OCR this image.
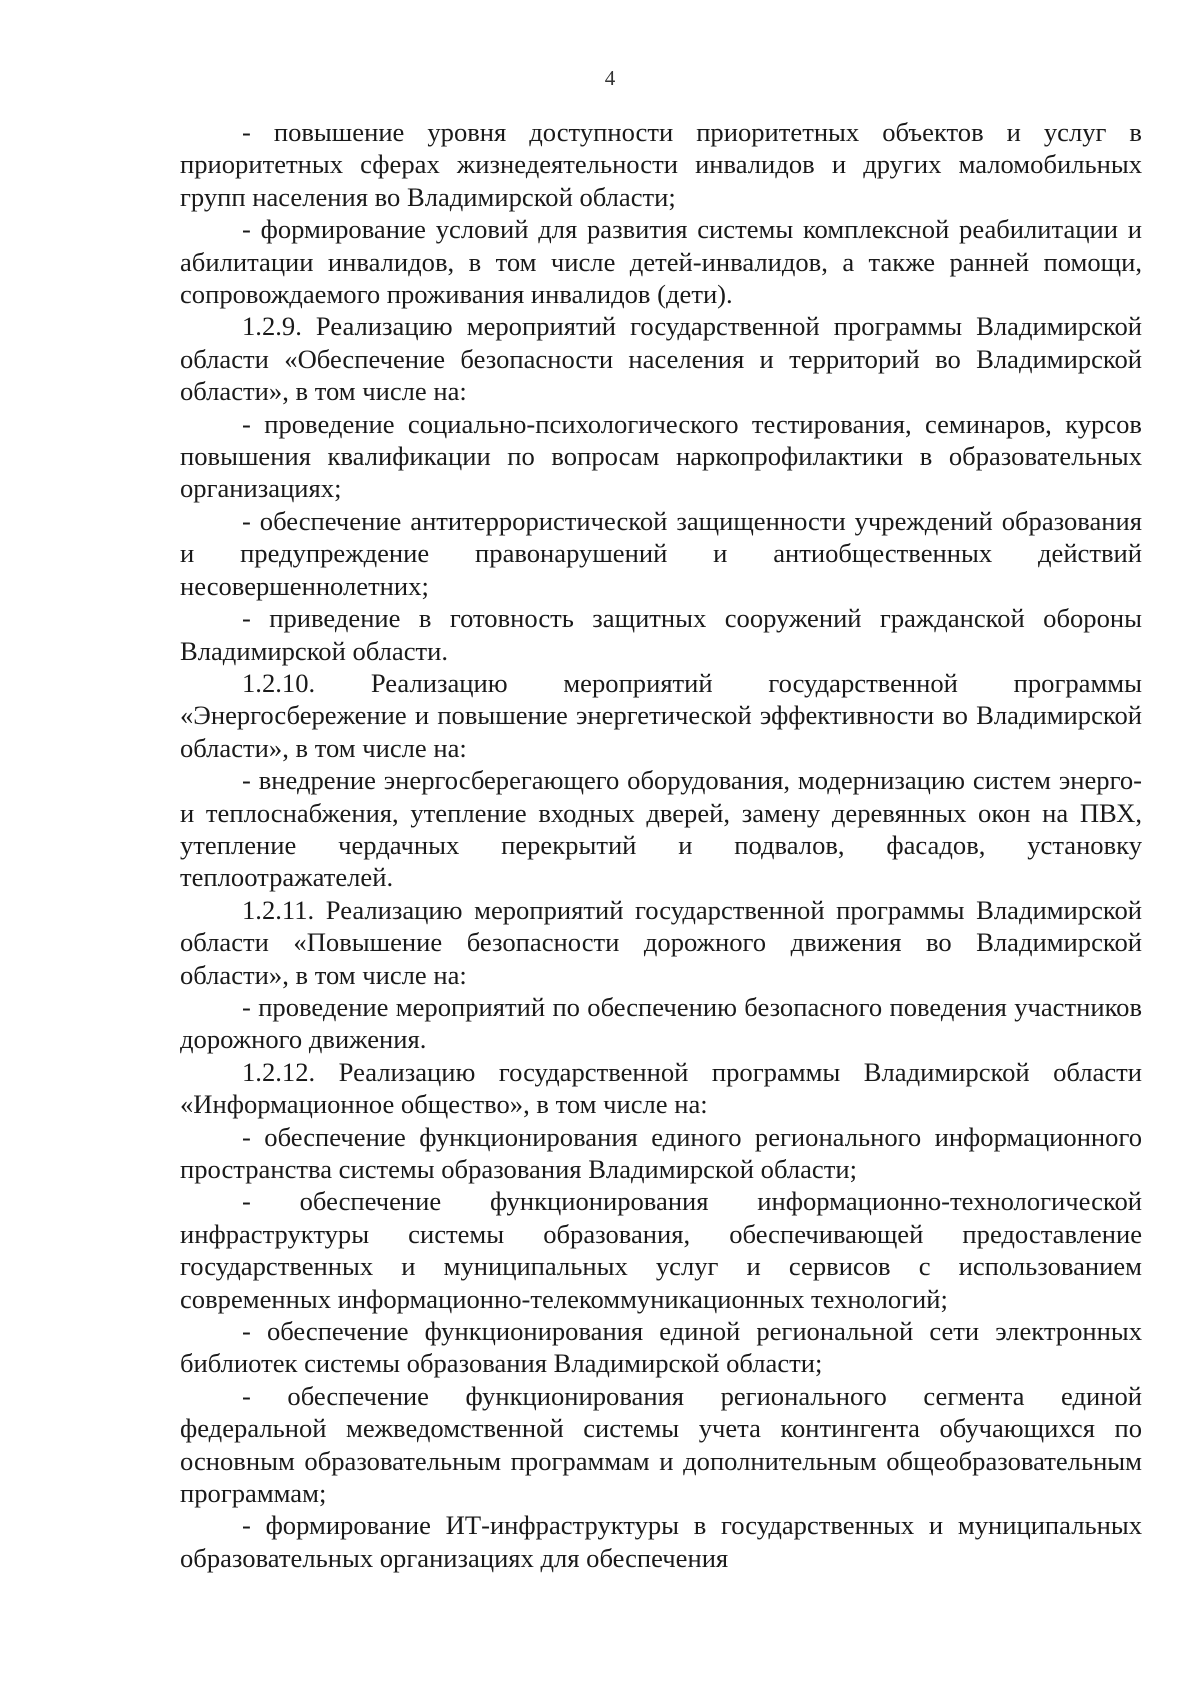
4

- повышение уровня доступности приоритетных объектов и услуг в приоритетных сферах жизнедеятельности инвалидов и других маломобильных групп населения во Владимирской области;

- формирование условий для развития системы комплексной реабилитации и абилитации инвалидов, в том числе детей-инвалидов, а также ранней помощи, сопровождаемого проживания инвалидов (дети).

1.2.9. Реализацию мероприятий государственной программы Владимирской области «Обеспечение безопасности населения и территорий во Владимирской области», в том числе на:

- проведение социально-психологического тестирования, семинаров, курсов повышения квалификации по вопросам наркопрофилактики в образовательных организациях;

- обеспечение антитеррористической защищенности учреждений образования и предупреждение правонарушений и антиобщественных действий несовершеннолетних;

- приведение в готовность защитных сооружений гражданской обороны Владимирской области.

1.2.10. Реализацию мероприятий государственной программы «Энергосбережение и повышение энергетической эффективности во Владимирской области», в том числе на:

- внедрение энергосберегающего оборудования, модернизацию систем энерго- и теплоснабжения, утепление входных дверей, замену деревянных окон на ПВХ, утепление чердачных перекрытий и подвалов, фасадов, установку теплоотражателей.

1.2.11. Реализацию мероприятий государственной программы Владимирской области «Повышение безопасности дорожного движения во Владимирской области», в том числе на:

- проведение мероприятий по обеспечению безопасного поведения участников дорожного движения.

1.2.12. Реализацию государственной программы Владимирской области «Информационное общество», в том числе на:

- обеспечение функционирования единого регионального информационного пространства системы образования Владимирской области;

- обеспечение функционирования информационно-технологической инфраструктуры системы образования, обеспечивающей предоставление государственных и муниципальных услуг и сервисов с использованием современных информационно-телекоммуникационных технологий;

- обеспечение функционирования единой региональной сети электронных библиотек системы образования Владимирской области;

- обеспечение функционирования регионального сегмента единой федеральной межведомственной системы учета контингента обучающихся по основным образовательным программам и дополнительным общеобразовательным программам;

- формирование ИТ-инфраструктуры в государственных и муниципальных образовательных организациях для обеспечения
